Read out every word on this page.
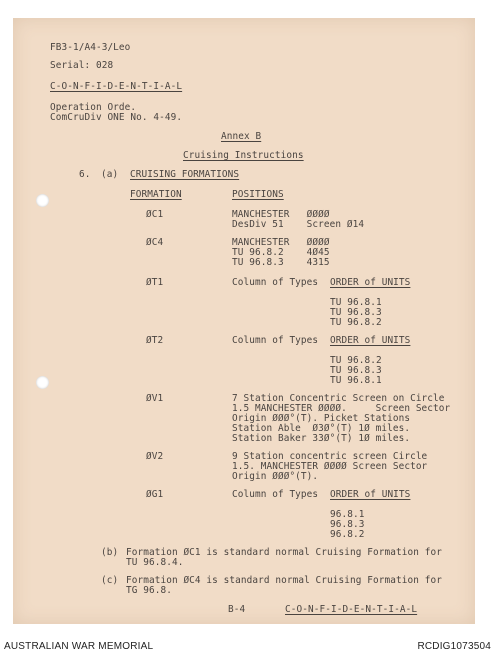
FB3-1/A4-3/Leo
Serial: 028
C-O-N-F-I-D-E-N-T-I-A-L
Operation Orde.
ComCruDiv ONE No. 4-49.
Annex B
Cruising Instructions
6. (a) CRUISING FORMATIONS
FORMATION	POSITIONS
ØC1	MANCHESTER   ØØØØ
DesDiv 51    Screen Ø14
ØC4	MANCHESTER   ØØØØ
TU 96.8.2    4Ø45
TU 96.8.3    4315
ØT1	Column of Types ORDER of UNITS
TU 96.8.1
TU 96.8.3
TU 96.8.2
ØT2	Column of Types ORDER of UNITS
TU 96.8.2
TU 96.8.3
TU 96.8.1
ØV1	7 Station Concentric Screen on Circle
1.5 MANCHESTER ØØØØ.     Screen Sector
Origin ØØØ°(T). Picket Stations
Station Able  Ø3Ø°(T) 1Ø miles.
Station Baker 33Ø°(T) 1Ø miles.
ØV2	9 Station concentric screen Circle
1.5. MANCHESTER ØØØØ Screen Sector
Origin ØØØ°(T).
ØG1	Column of Types ORDER of UNITS
96.8.1
96.8.3
96.8.2
(b) Formation ØC1 is standard normal Cruising Formation for
TU 96.8.4.
(c) Formation ØC4 is standard normal Cruising Formation for
TG 96.8.
B-4	C-O-N-F-I-D-E-N-T-I-A-L
AUSTRALIAN WAR MEMORIAL	RCDIG1073504
